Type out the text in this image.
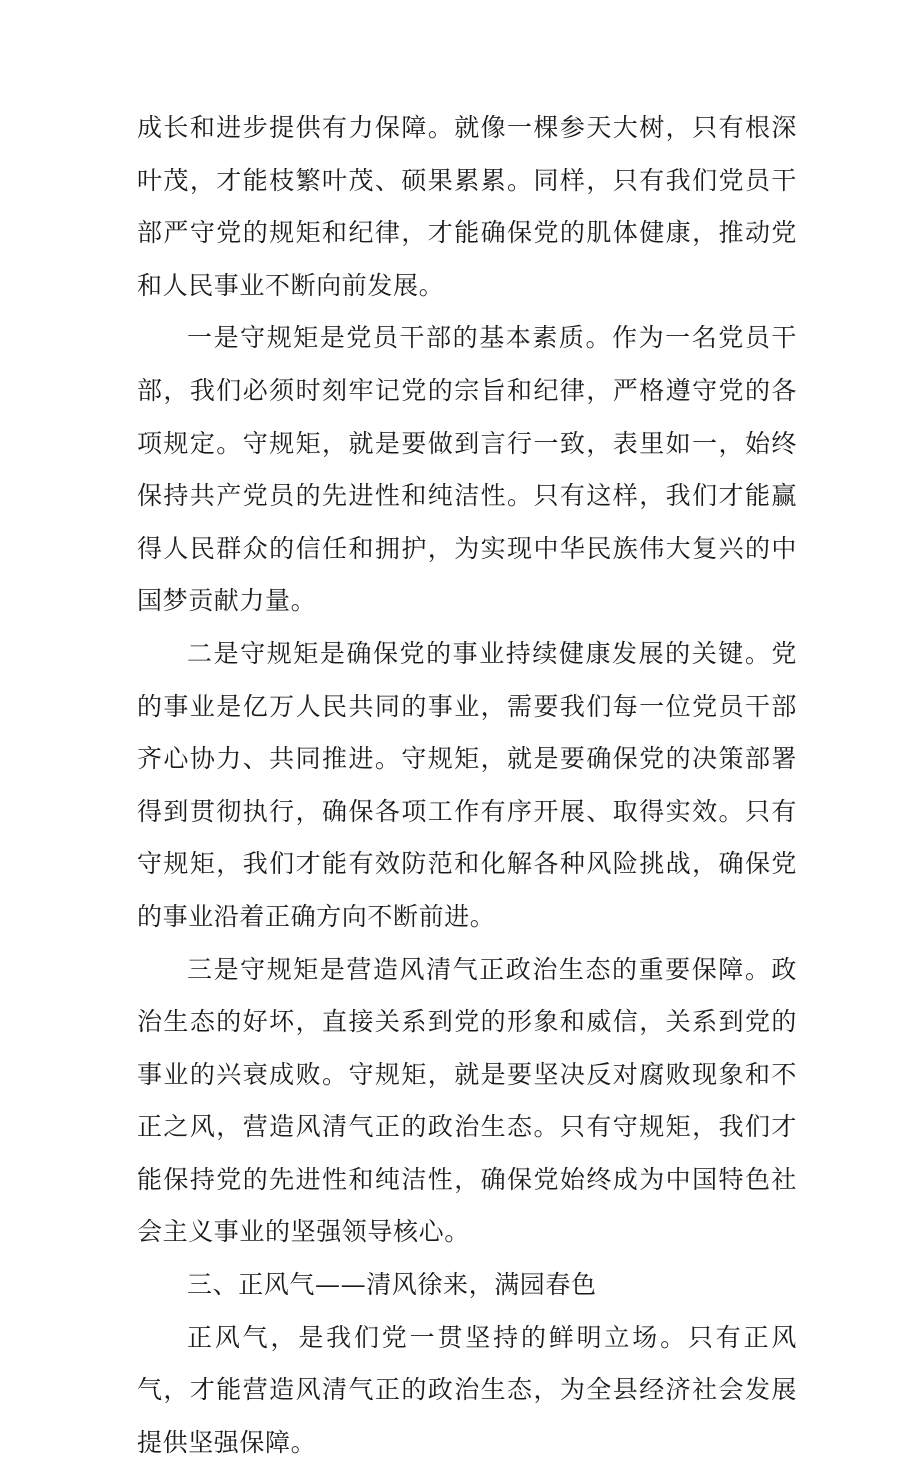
成长和进步提供有力保障。就像一棵参天大树，只有根深叶茂，才能枝繁叶茂、硕果累累。同样，只有我们党员干部严守党的规矩和纪律，才能确保党的肌体健康，推动党和人民事业不断向前发展。

一是守规矩是党员干部的基本素质。作为一名党员干部，我们必须时刻牢记党的宗旨和纪律，严格遵守党的各项规定。守规矩，就是要做到言行一致，表里如一，始终保持共产党员的先进性和纯洁性。只有这样，我们才能赢得人民群众的信任和拥护，为实现中华民族伟大复兴的中国梦贡献力量。

二是守规矩是确保党的事业持续健康发展的关键。党的事业是亿万人民共同的事业，需要我们每一位党员干部齐心协力、共同推进。守规矩，就是要确保党的决策部署得到贯彻执行，确保各项工作有序开展、取得实效。只有守规矩，我们才能有效防范和化解各种风险挑战，确保党的事业沿着正确方向不断前进。

三是守规矩是营造风清气正政治生态的重要保障。政治生态的好坏，直接关系到党的形象和威信，关系到党的事业的兴衰成败。守规矩，就是要坚决反对腐败现象和不正之风，营造风清气正的政治生态。只有守规矩，我们才能保持党的先进性和纯洁性，确保党始终成为中国特色社会主义事业的坚强领导核心。

三、正风气——清风徐来，满园春色

正风气，是我们党一贯坚持的鲜明立场。只有正风气，才能营造风清气正的政治生态，为全县经济社会发展提供坚强保障。
